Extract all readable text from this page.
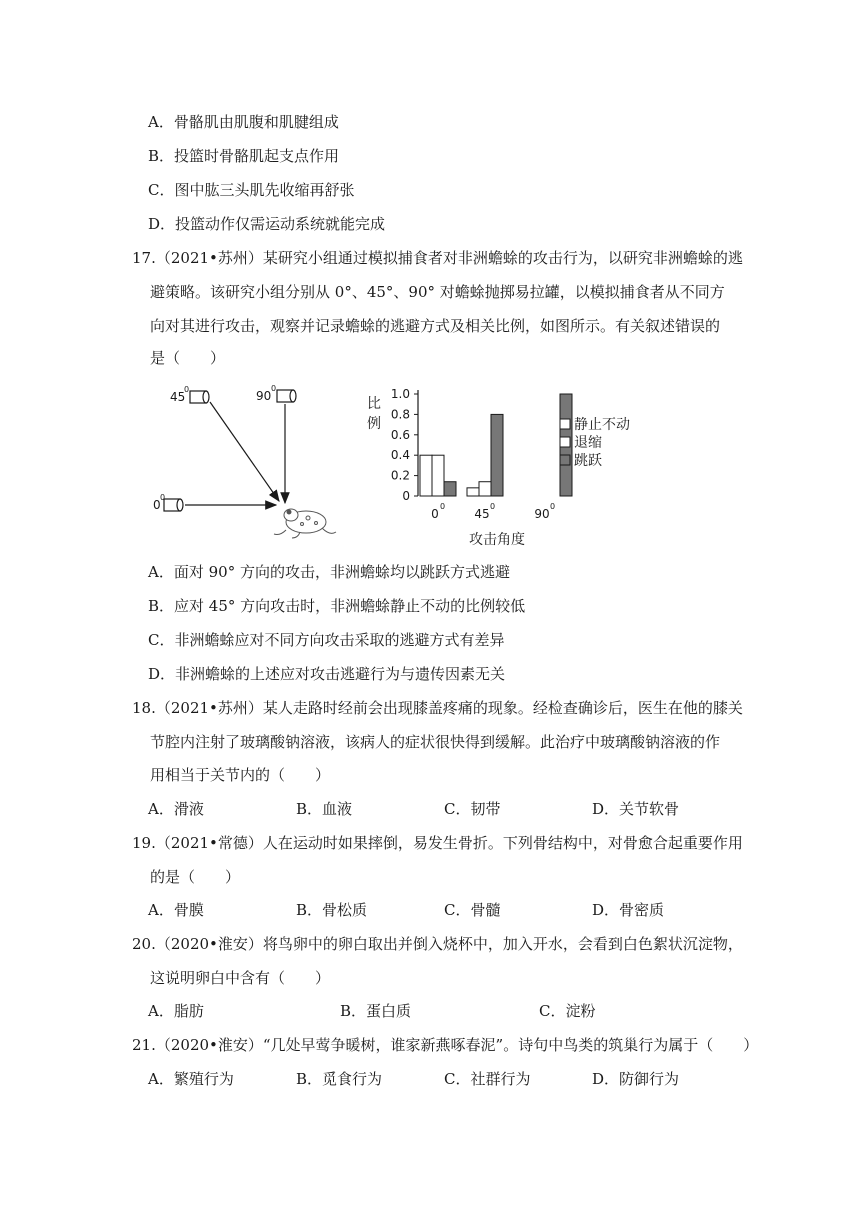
A．骨骼肌由肌腹和肌腱组成
B．投篮时骨骼肌起支点作用
C．图中肱三头肌先收缩再舒张
D．投篮动作仅需运动系统就能完成
17.（2021•苏州）某研究小组通过模拟捕食者对非洲蟾蜍的攻击行为，以研究非洲蟾蜍的逃
避策略。该研究小组分别从 0°、45°、90° 对蟾蜍抛掷易拉罐，以模拟捕食者从不同方
向对其进行攻击，观察并记录蟾蜍的逃避方式及相关比例，如图所示。有关叙述错误的
是（　　）
90
0
45
0
0
0
比
例
攻击角度
0
0.2
0.4
0.6
0.8
1.0
0
0
45
0
90
0
静止不动
退缩
跳跃
A．面对 90° 方向的攻击，非洲蟾蜍均以跳跃方式逃避
B．应对 45° 方向攻击时，非洲蟾蜍静止不动的比例较低
C．非洲蟾蜍应对不同方向攻击采取的逃避方式有差异
D．非洲蟾蜍的上述应对攻击逃避行为与遗传因素无关
18.（2021•苏州）某人走路时经前会出现膝盖疼痛的现象。经检查确诊后，医生在他的膝关
节腔内注射了玻璃酸钠溶液，该病人的症状很快得到缓解。此治疗中玻璃酸钠溶液的作
用相当于关节内的（　　）
A．滑液	B．血液	C．韧带	D．关节软骨
19.（2021•常德）人在运动时如果摔倒，易发生骨折。下列骨结构中，对骨愈合起重要作用
的是（　　）
A．骨膜	B．骨松质	C．骨髓	D．骨密质
20.（2020•淮安）将鸟卵中的卵白取出并倒入烧杯中，加入开水，会看到白色絮状沉淀物，
这说明卵白中含有（　　）
A．脂肪	B．蛋白质	C．淀粉
21.（2020•淮安）“几处早莺争暖树，谁家新燕啄春泥”。诗句中鸟类的筑巢行为属于（　　）
A．繁殖行为	B．觅食行为	C．社群行为	D．防御行为
